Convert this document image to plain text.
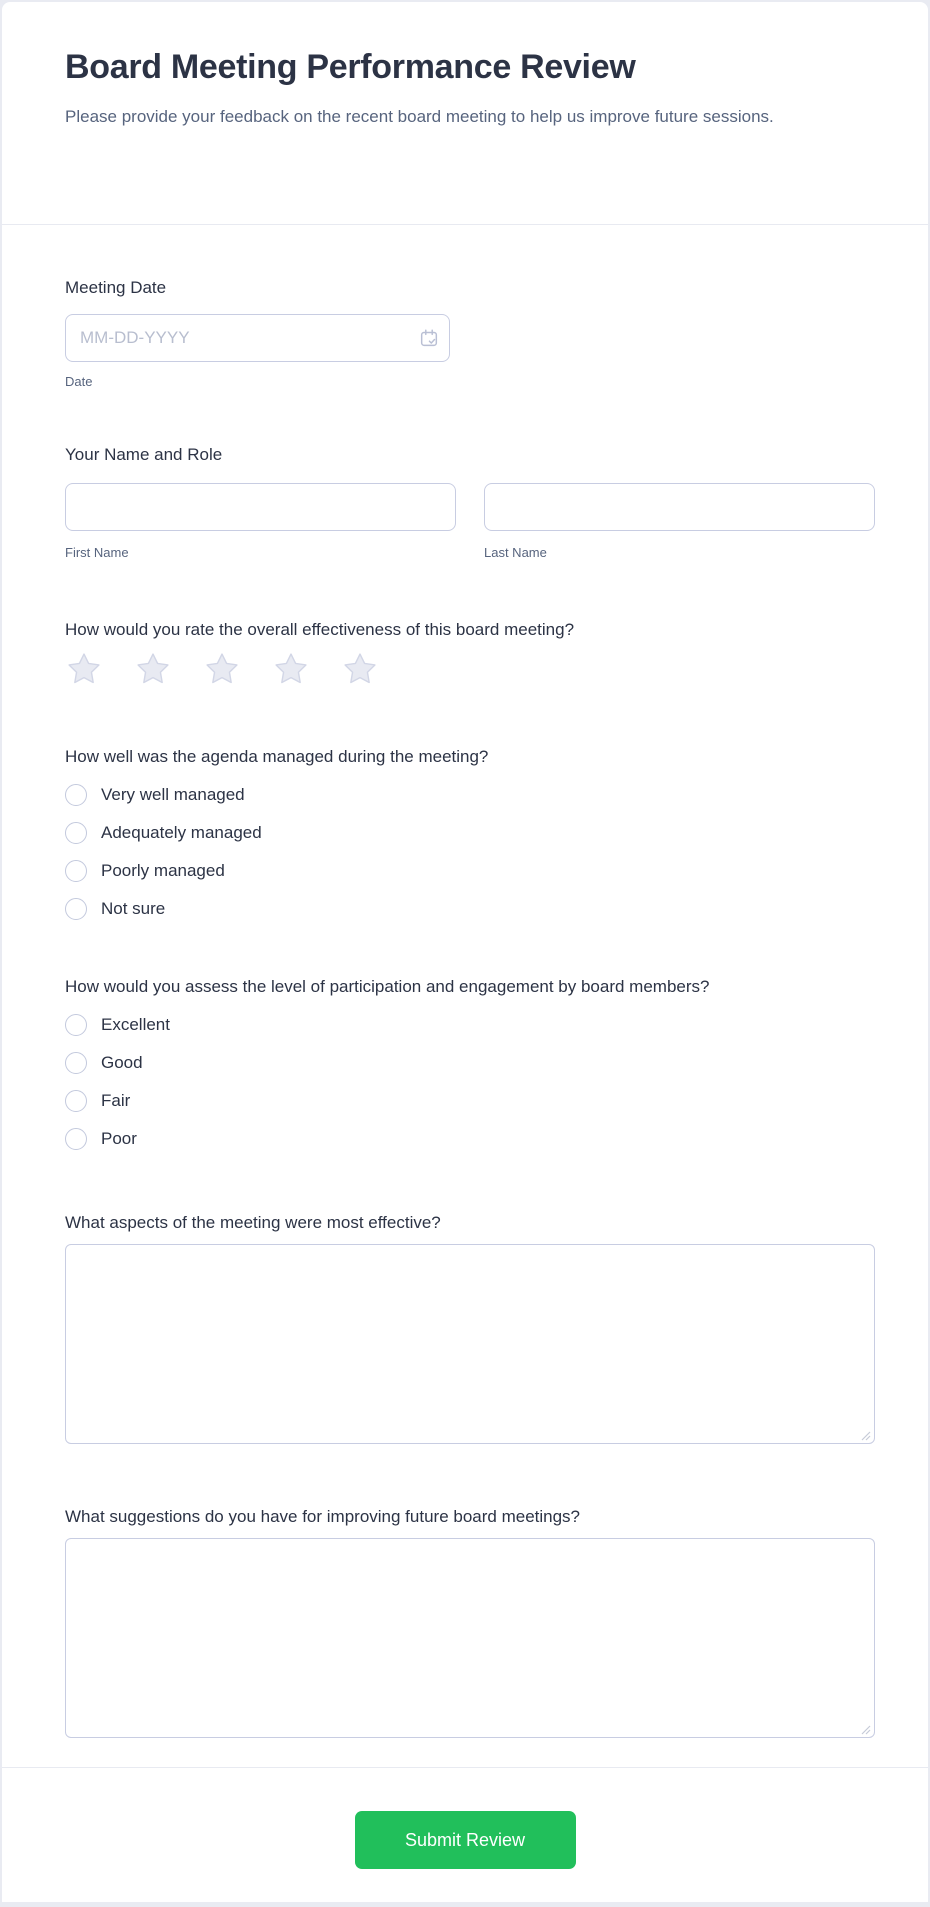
Board Meeting Performance Review

Please provide your feedback on the recent board meeting to help us improve future sessions.

Meeting Date
MM-DD-YYYY
Date
Your Name and Role
First Name	Last Name
How would you rate the overall effectiveness of this board meeting?
How well was the agenda managed during the meeting?
Very well managed
Adequately managed
Poorly managed
Not sure
How would you assess the level of participation and engagement by board members?
Excellent
Good
Fair
Poor
What aspects of the meeting were most effective?
What suggestions do you have for improving future board meetings?
Submit Review
